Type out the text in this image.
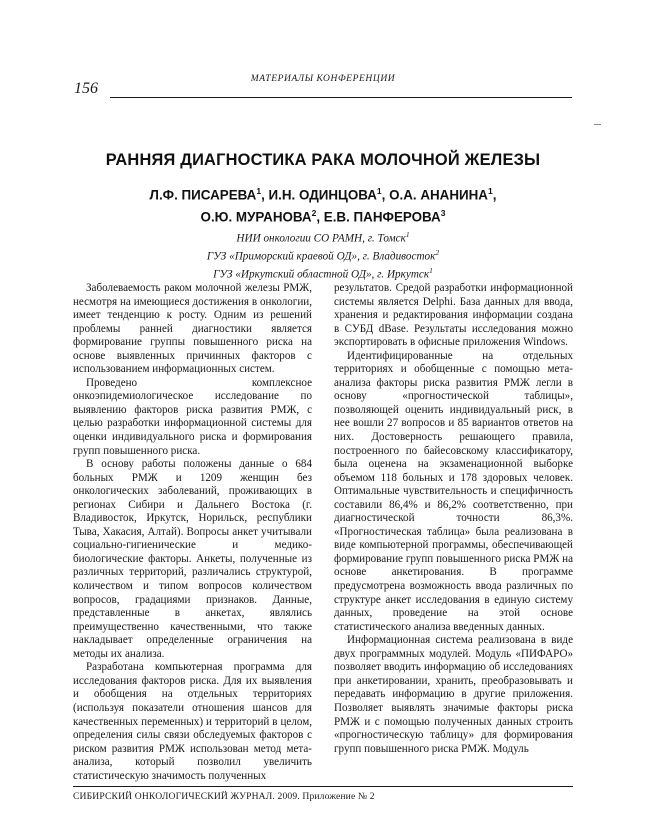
156
МАТЕРИАЛЫ КОНФЕРЕНЦИИ
РАННЯЯ ДИАГНОСТИКА РАКА МОЛОЧНОЙ ЖЕЛЕЗЫ
Л.Ф. ПИСАРЕВА$^1$, И.Н. ОДИНЦОВА$^1$, О.А. АНАНИНА$^1$,
О.Ю. МУРАНОВА$^2$, Е.В. ПАНФЕРОВА$^3$
НИИ онкологии СО РАМН, г. Томск$^1$
ГУЗ «Приморский краевой ОД», г. Владивосток$^2$
ГУЗ «Иркутский областной ОД», г. Иркутск$^1$

Заболеваемость раком молочной железы РМЖ, несмотря на имеющиеся достижения в онкологии, имеет тенденцию к росту. Одним из решений проблемы ранней диагностики является формирование группы повышенного риска на основе выявленных причинных факторов с использованием информационных систем.

Проведено комплексное онкоэпидемиологическое исследование по выявлению факторов риска развития РМЖ, с целью разработки информационной системы для оценки индивидуального риска и формирования групп повышенного риска.

В основу работы положены данные о 684 больных РМЖ и 1209 женщин без онкологических заболеваний, проживающих в регионах Сибири и Дальнего Востока (г. Владивосток, Иркутск, Норильск, республики Тыва, Хакасия, Алтай). Вопросы анкет учитывали социально-гигиенические и медико-биологические факторы. Анкеты, полученные из различных территорий, различались структурой, количеством и типом вопросов количеством вопросов, градациями признаков. Данные, представленные в анкетах, являлись преимущественно качественными, что также накладывает определенные ограничения на методы их анализа.

Разработана компьютерная программа для исследования факторов риска. Для их выявления и обобщения на отдельных территориях (используя показатели отношения шансов для качественных переменных) и территорий в целом, определения силы связи обследуемых факторов с риском развития РМЖ использован метод мета-анализа, который позволил увеличить статистическую значимость полученных

результатов. Средой разработки информационной системы является Delphi. База данных для ввода, хранения и редактирования информации создана в СУБД dBase. Результаты исследования можно экспортировать в офисные приложения Windows.

Идентифицированные на отдельных территориях и обобщенные с помощью мета-анализа факторы риска развития РМЖ легли в основу «прогностической таблицы», позволяющей оценить индивидуальный риск, в нее вошли 27 вопросов и 85 вариантов ответов на них. Достоверность решающего правила, построенного по байесовскому классификатору, была оценена на экзаменационной выборке объемом 118 больных и 178 здоровых человек. Оптимальные чувствительность и специфичность составили 86,4% и 86,2% соответственно, при диагностической точности 86,3%. «Прогностическая таблица» была реализована в виде компьютерной программы, обеспечивающей формирование групп повышенного риска РМЖ на основе анкетирования. В программе предусмотрена возможность ввода различных по структуре анкет исследования в единую систему данных, проведение на этой основе статистического анализа введенных данных.

Информационная система реализована в виде двух программных модулей. Модуль «ПИФАРО» позволяет вводить информацию об исследованиях при анкетировании, хранить, преобразовывать и передавать информацию в другие приложения. Позволяет выявлять значимые факторы риска РМЖ и с помощью полученных данных строить «прогностическую таблицу» для формирования групп повышенного риска РМЖ. Модуль

СИБИРСКИЙ ОНКОЛОГИЧЕСКИЙ ЖУРНАЛ. 2009. Приложение № 2
